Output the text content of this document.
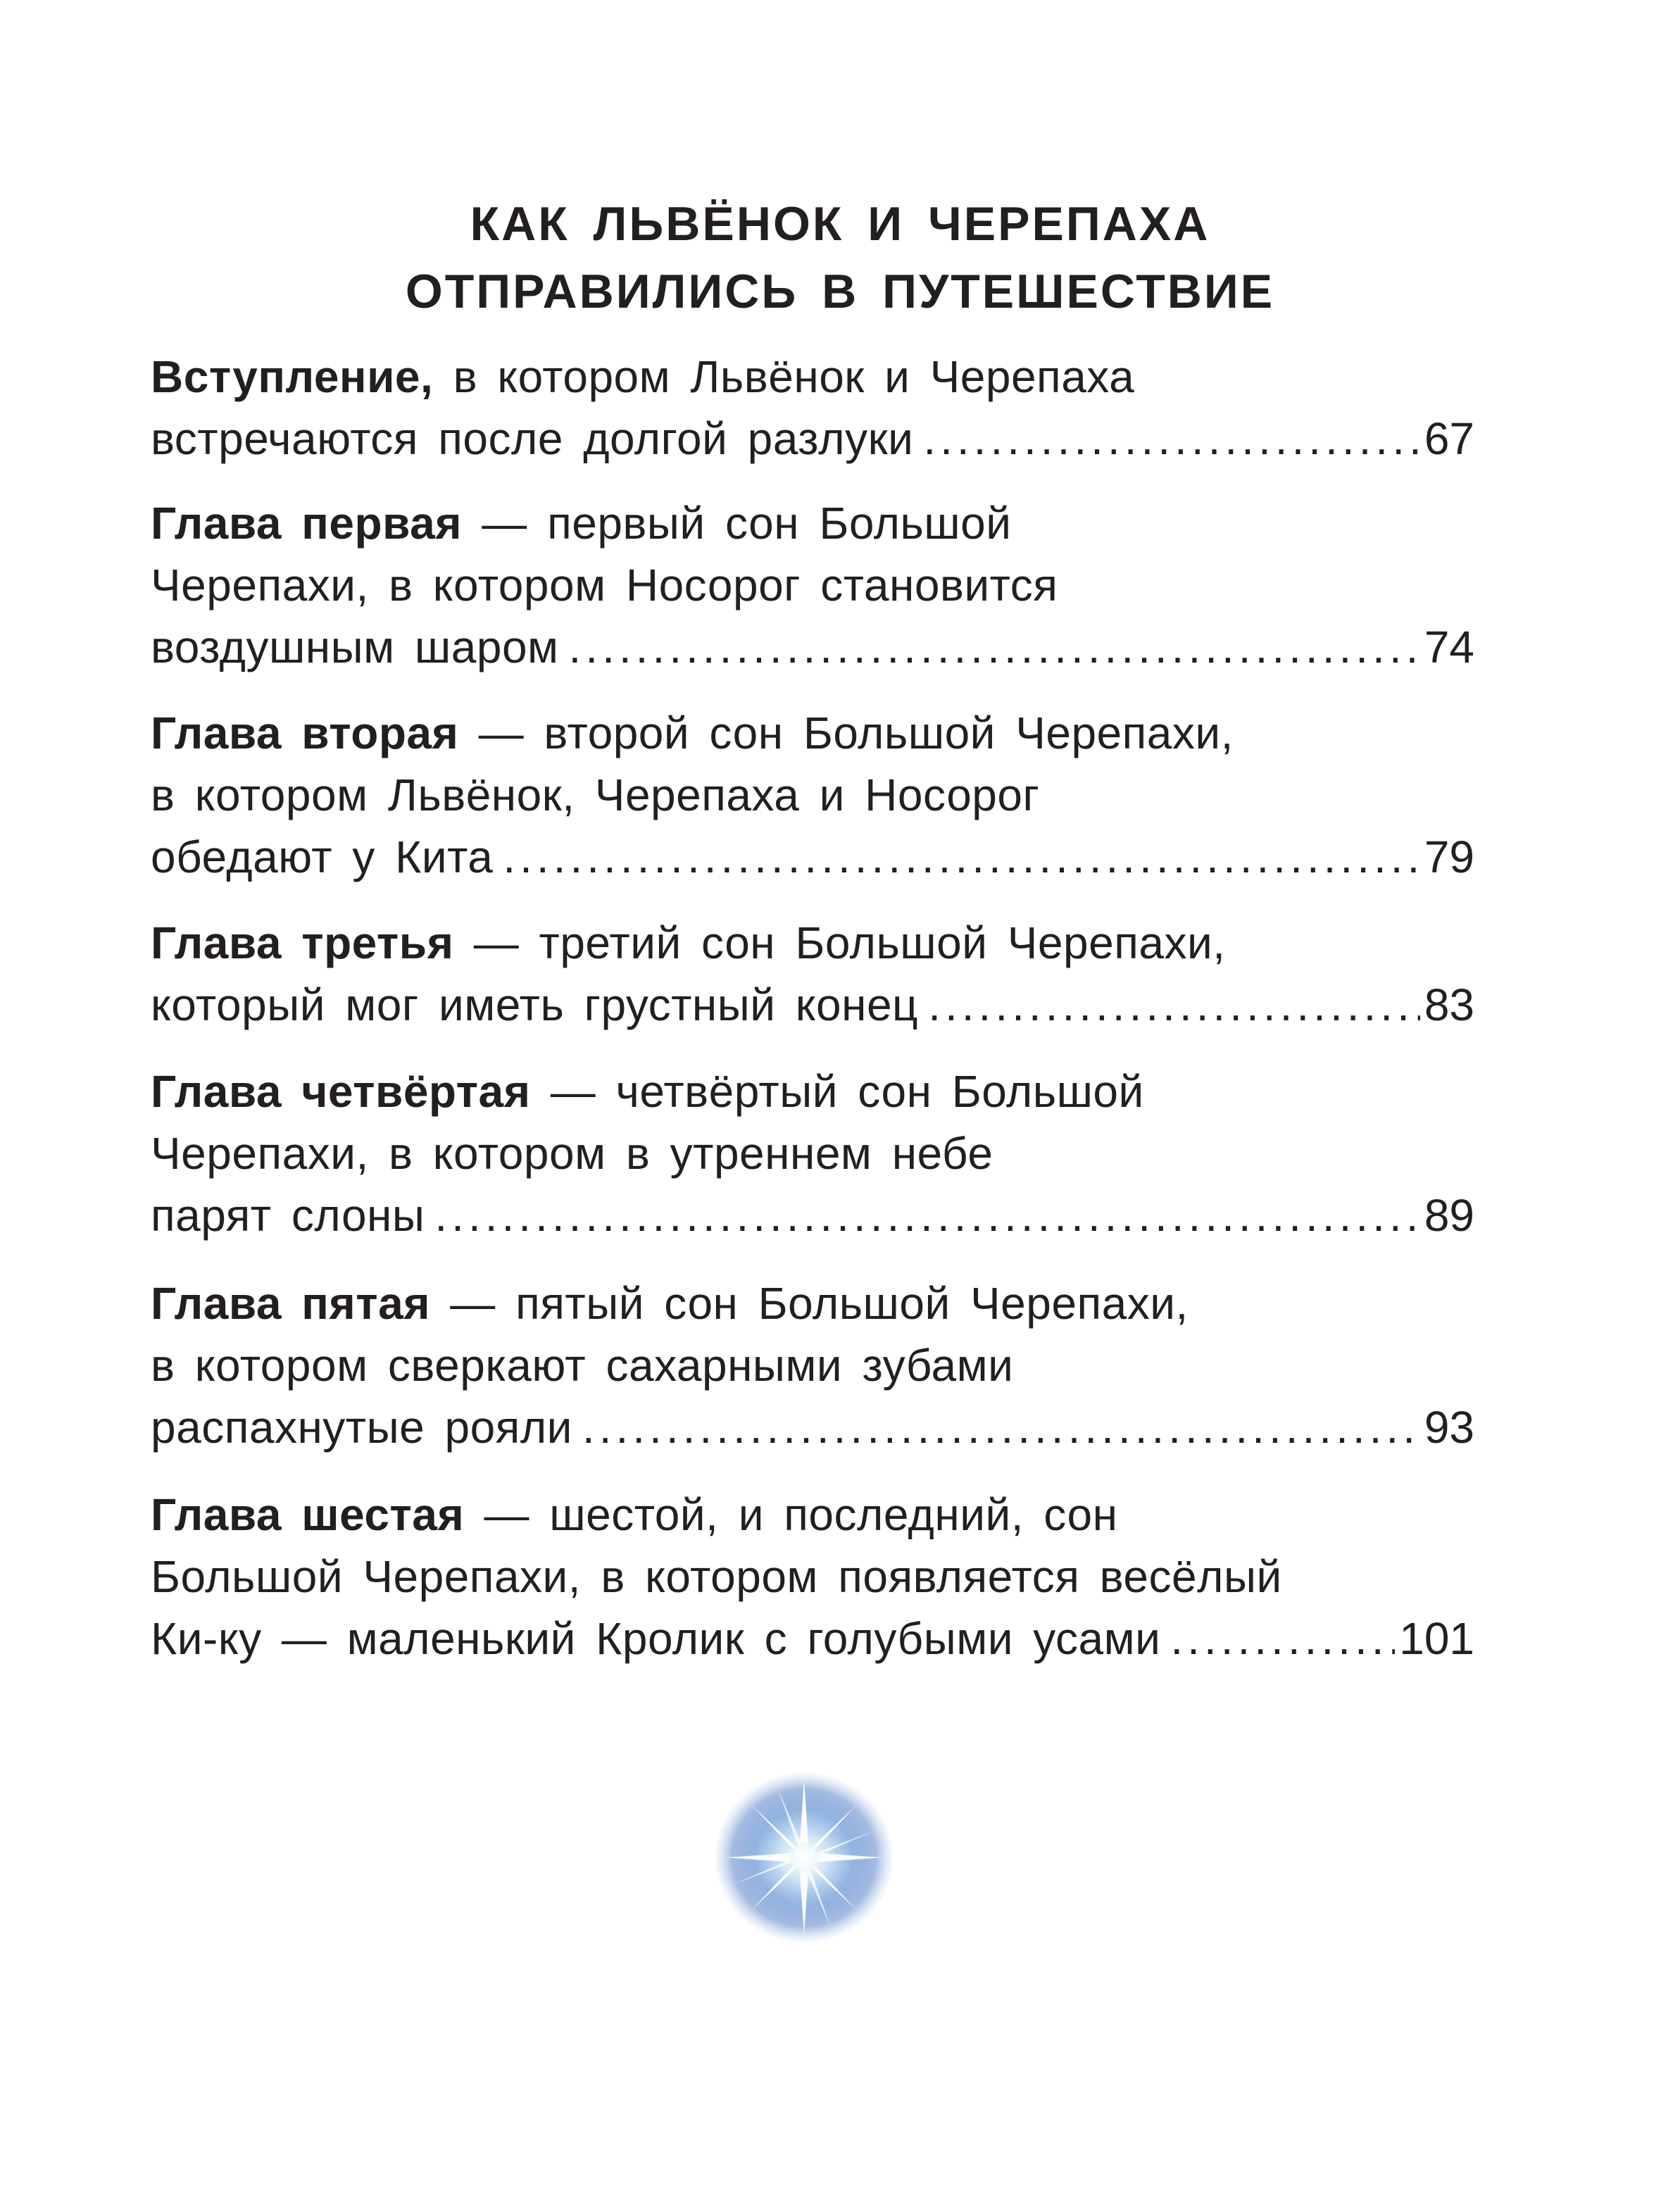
КАК ЛЬВЁНОК И ЧЕРЕПАХА
ОТПРАВИЛИСЬ В ПУТЕШЕСТВИЕ
Вступление, в котором Львёнок и Черепаха
встречаются после долгой разлуки .....	67
Глава первая — первый сон Большой
Черепахи, в котором Носорог становится
воздушным шаром .....	74
Глава вторая — второй сон Большой Черепахи,
в котором Львёнок, Черепаха и Носорог
обедают у Кита .....	79
Глава третья — третий сон Большой Черепахи,
который мог иметь грустный конец .....	83
Глава четвёртая — четвёртый сон Большой
Черепахи, в котором в утреннем небе
парят слоны .....	89
Глава пятая — пятый сон Большой Черепахи,
в котором сверкают сахарными зубами
распахнутые рояли .....	93
Глава шестая — шестой, и последний, сон
Большой Черепахи, в котором появляется весёлый
Ки-ку — маленький Кролик с голубыми усами .....	101
